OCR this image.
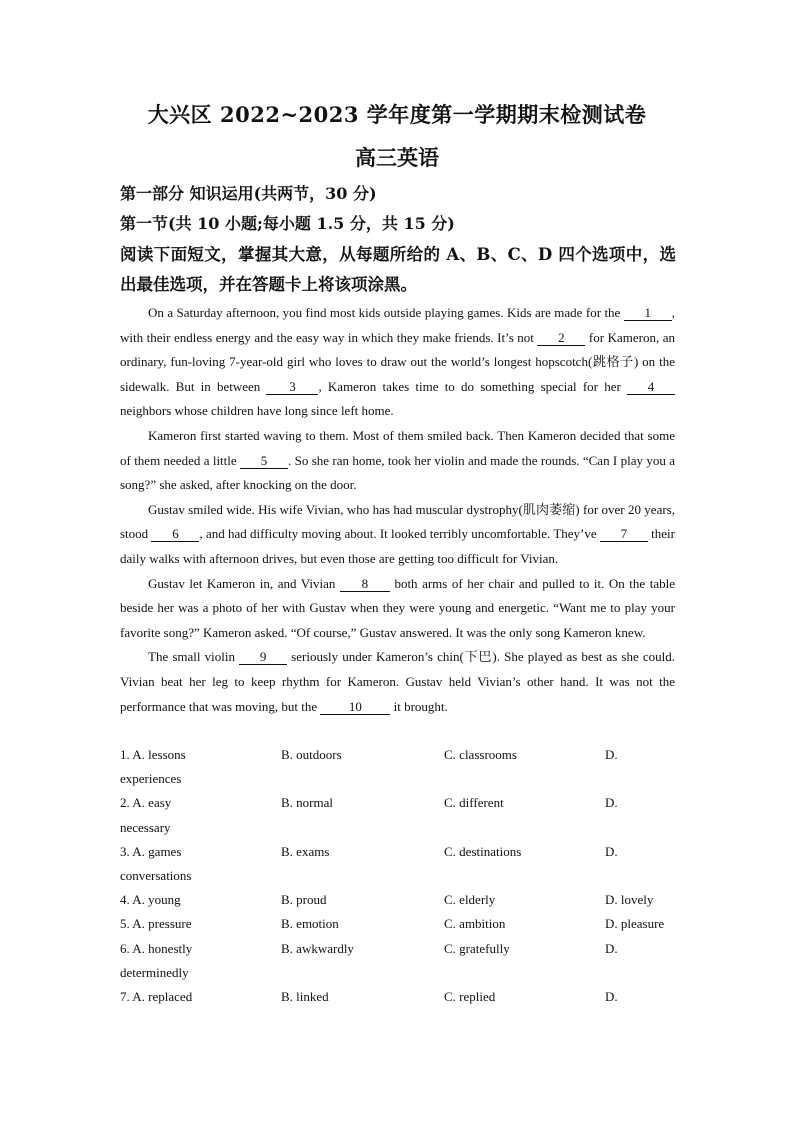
大兴区 2022~2023 学年度第一学期期末检测试卷
高三英语
第一部分 知识运用(共两节，30 分)
第一节(共 10 小题;每小题 1.5 分，共 15 分)
阅读下面短文，掌握其大意，从每题所给的 A、B、C、D 四个选项中，选出最佳选项，并在答题卡上将该项涂黑。

On a Saturday afternoon, you find most kids outside playing games. Kids are made for the 1 , with their endless energy and the easy way in which they make friends. It’s not 2 for Kameron, an ordinary, fun-loving 7-year-old girl who loves to draw out the world’s longest hopscotch(跳格子) on the sidewalk. But in between 3 , Kameron takes time to do something special for her 4 neighbors whose children have long since left home.

Kameron first started waving to them. Most of them smiled back. Then Kameron decided that some of them needed a little 5 . So she ran home, took her violin and made the rounds. “Can I play you a song?” she asked, after knocking on the door.

Gustav smiled wide. His wife Vivian, who has had muscular dystrophy(肌肉萎缩) for over 20 years, stood 6 , and had difficulty moving about. It looked terribly uncomfortable. They’ve 7 their daily walks with afternoon drives, but even those are getting too difficult for Vivian.

Gustav let Kameron in, and Vivian 8 both arms of her chair and pulled to it. On the table beside her was a photo of her with Gustav when they were young and energetic. “Want me to play your favorite song?” Kameron asked. “Of course,” Gustav answered. It was the only song Kameron knew.

The small violin 9 seriously under Kameron’s chin(下巴). She played as best as she could. Vivian beat her leg to keep rhythm for Kameron. Gustav held Vivian’s other hand. It was not the performance that was moving, but the 10 it brought.

1. A. lessons	B. outdoors	C. classrooms	D.
experiences
2. A. easy	B. normal	C. different	D.
necessary
3. A. games	B. exams	C. destinations	D.
conversations
4. A. young	B. proud	C. elderly	D. lovely
5. A. pressure	B. emotion	C. ambition	D. pleasure
6. A. honestly	B. awkwardly	C. gratefully	D.
determinedly
7. A. replaced	B. linked	C. replied	D.
